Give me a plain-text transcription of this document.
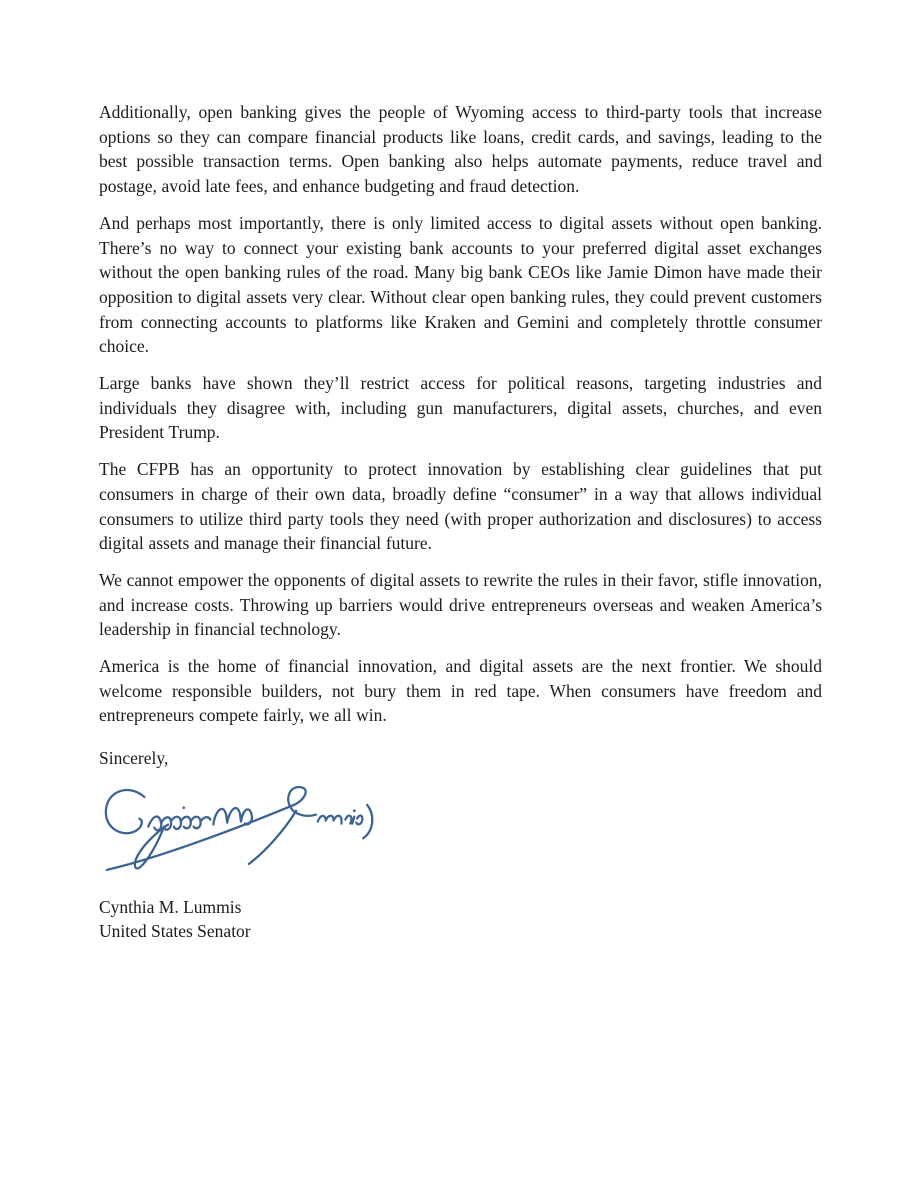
Additionally, open banking gives the people of Wyoming access to third-party tools that increase options so they can compare financial products like loans, credit cards, and savings, leading to the best possible transaction terms. Open banking also helps automate payments, reduce travel and postage, avoid late fees, and enhance budgeting and fraud detection.

And perhaps most importantly, there is only limited access to digital assets without open banking. There’s no way to connect your existing bank accounts to your preferred digital asset exchanges without the open banking rules of the road. Many big bank CEOs like Jamie Dimon have made their opposition to digital assets very clear. Without clear open banking rules, they could prevent customers from connecting accounts to platforms like Kraken and Gemini and completely throttle consumer choice.

Large banks have shown they’ll restrict access for political reasons, targeting industries and individuals they disagree with, including gun manufacturers, digital assets, churches, and even President Trump.

The CFPB has an opportunity to protect innovation by establishing clear guidelines that put consumers in charge of their own data, broadly define “consumer” in a way that allows individual consumers to utilize third party tools they need (with proper authorization and disclosures) to access digital assets and manage their financial future.

We cannot empower the opponents of digital assets to rewrite the rules in their favor, stifle innovation, and increase costs. Throwing up barriers would drive entrepreneurs overseas and weaken America’s leadership in financial technology.

America is the home of financial innovation, and digital assets are the next frontier. We should welcome responsible builders, not bury them in red tape. When consumers have freedom and entrepreneurs compete fairly, we all win.

Sincerely,

Cynthia M. Lummis
United States Senator
